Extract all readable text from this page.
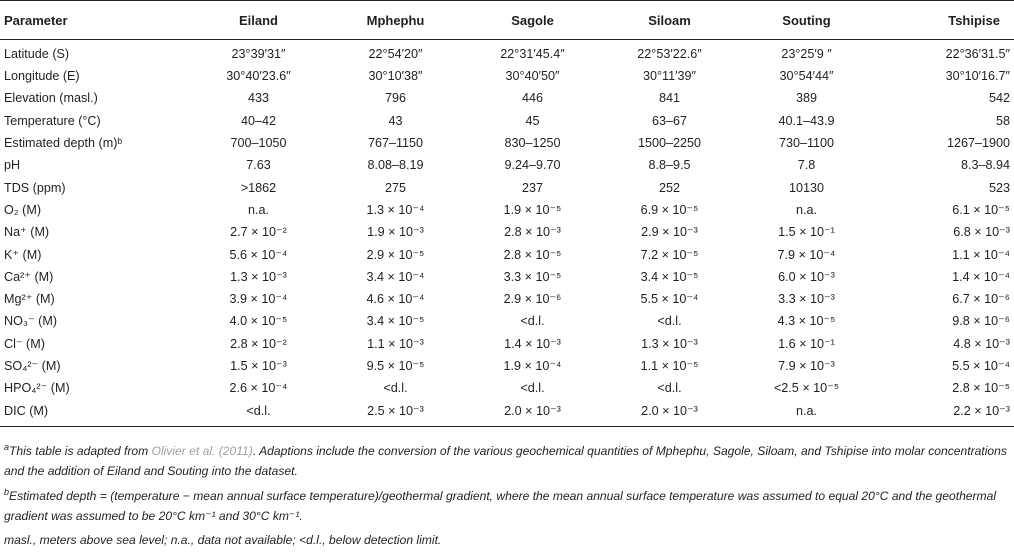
Parameter	Eiland	Mphephu	Sagole	Siloam	Souting	Tshipise
Latitude (S)	23°39′31″	22°54′20″	22°31′45.4″	22°53′22.6″	23°25′9 ″	22°36′31.5″
Longitude (E)	30°40′23.6″	30°10′38″	30°40′50″	30°11′39″	30°54′44″	30°10′16.7″
Elevation (masl.)	433	796	446	841	389	542
Temperature (°C)	40–42	43	45	63–67	40.1–43.9	58
Estimated depth (m)ᵇ	700–1050	767–1150	830–1250	1500–2250	730–1100	1267–1900
pH	7.63	8.08–8.19	9.24–9.70	8.8–9.5	7.8	8.3–8.94
TDS (ppm)	>1862	275	237	252	10130	523
O₂ (M)	n.a.	1.3 × 10⁻⁴	1.9 × 10⁻⁵	6.9 × 10⁻⁵	n.a.	6.1 × 10⁻⁵
Na⁺ (M)	2.7 × 10⁻²	1.9 × 10⁻³	2.8 × 10⁻³	2.9 × 10⁻³	1.5 × 10⁻¹	6.8 × 10⁻³
K⁺ (M)	5.6 × 10⁻⁴	2.9 × 10⁻⁵	2.8 × 10⁻⁵	7.2 × 10⁻⁵	7.9 × 10⁻⁴	1.1 × 10⁻⁴
Ca²⁺ (M)	1.3 × 10⁻³	3.4 × 10⁻⁴	3.3 × 10⁻⁵	3.4 × 10⁻⁵	6.0 × 10⁻³	1.4 × 10⁻⁴
Mg²⁺ (M)	3.9 × 10⁻⁴	4.6 × 10⁻⁴	2.9 × 10⁻⁶	5.5 × 10⁻⁴	3.3 × 10⁻³	6.7 × 10⁻⁶
NO₃⁻ (M)	4.0 × 10⁻⁵	3.4 × 10⁻⁵	<d.l.	<d.l.	4.3 × 10⁻⁵	9.8 × 10⁻⁶
Cl⁻ (M)	2.8 × 10⁻²	1.1 × 10⁻³	1.4 × 10⁻³	1.3 × 10⁻³	1.6 × 10⁻¹	4.8 × 10⁻³
SO₄²⁻ (M)	1.5 × 10⁻³	9.5 × 10⁻⁵	1.9 × 10⁻⁴	1.1 × 10⁻⁵	7.9 × 10⁻³	5.5 × 10⁻⁴
HPO₄²⁻ (M)	2.6 × 10⁻⁴	<d.l.	<d.l.	<d.l.	<2.5 × 10⁻⁵	2.8 × 10⁻⁵
DIC (M)	<d.l.	2.5 × 10⁻³	2.0 × 10⁻³	2.0 × 10⁻³	n.a.	2.2 × 10⁻³

$^a$This table is adapted from Olivier et al. (2011). Adaptions include the conversion of the various geochemical quantities of Mphephu, Sagole, Siloam, and Tshipise into molar concentrations and the addition of Eiland and Souting into the dataset.

$^b$Estimated depth = (temperature − mean annual surface temperature)/geothermal gradient, where the mean annual surface temperature was assumed to equal 20°C and the geothermal gradient was assumed to be 20°C km⁻¹ and 30°C km⁻¹.

masl., meters above sea level; n.a., data not available; <d.l., below detection limit.
